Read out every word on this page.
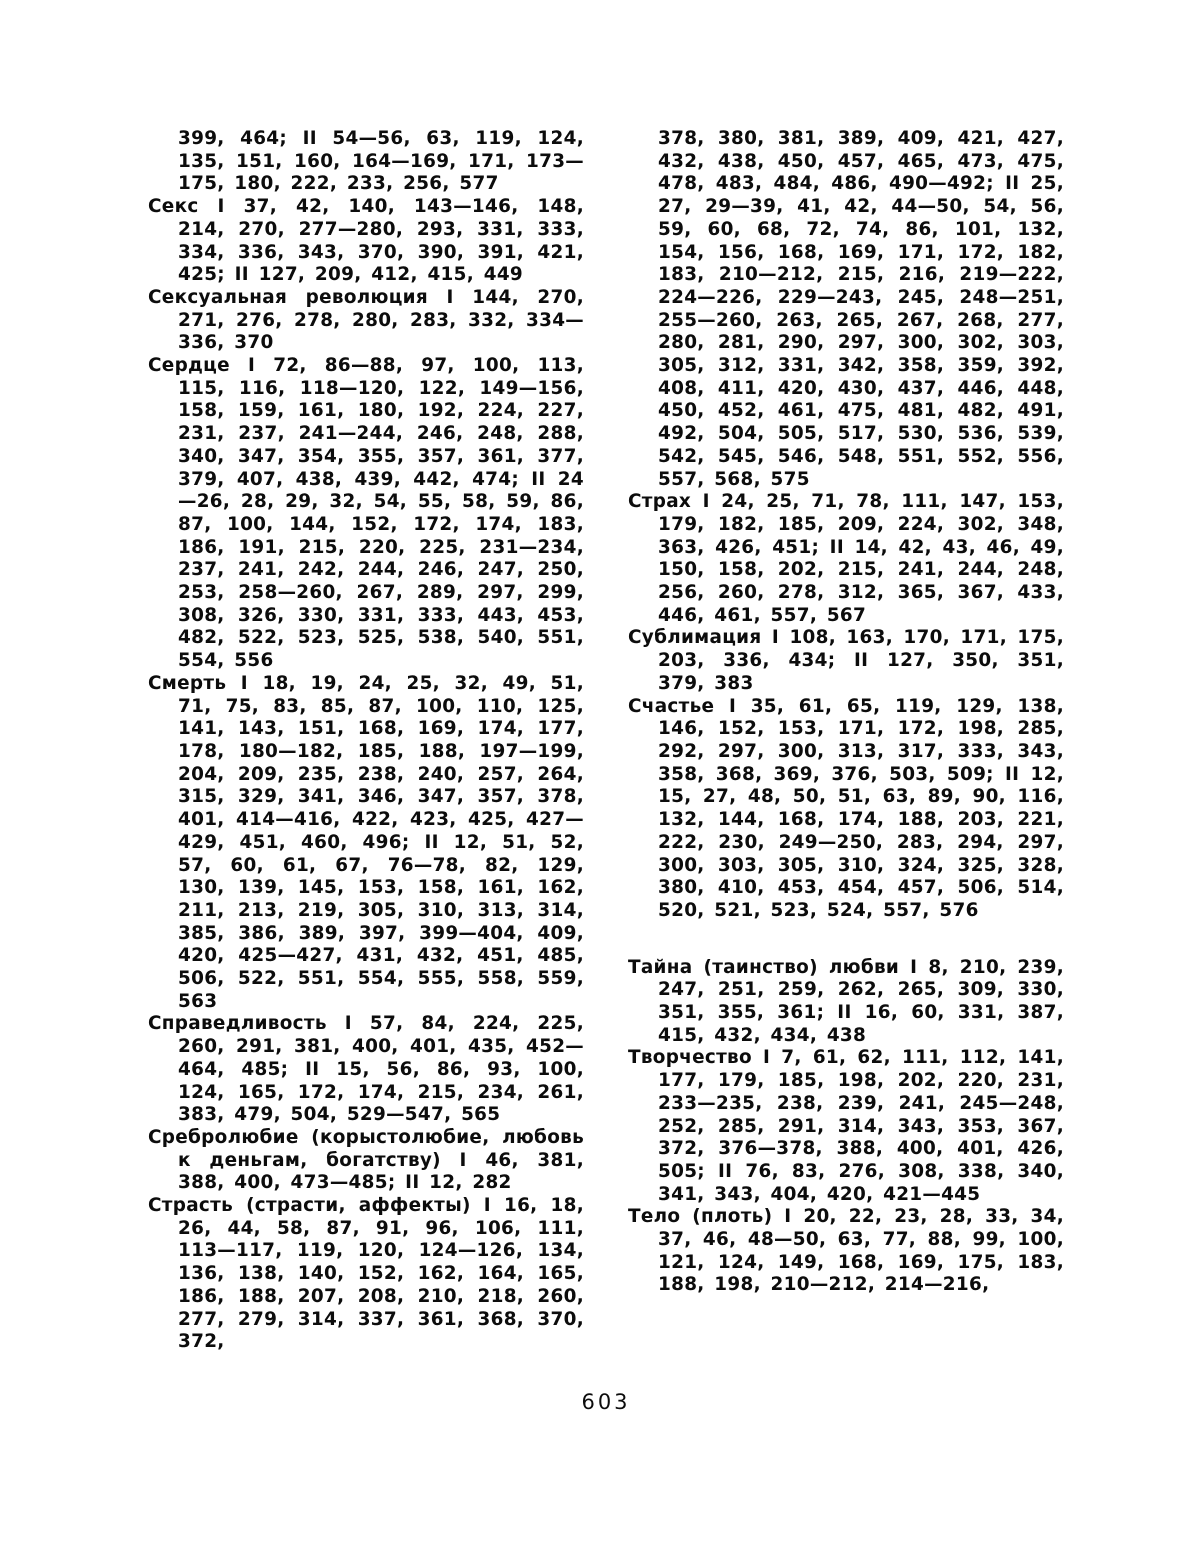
399, 464; II 54—56, 63, 119, 124, 135, 151, 160, 164—169, 171, 173—175, 180, 222, 233, 256, 577

Секс I 37, 42, 140, 143—146, 148, 214, 270, 277—280, 293, 331, 333, 334, 336, 343, 370, 390, 391, 421, 425; II 127, 209, 412, 415, 449

Сексуальная революция I 144, 270, 271, 276, 278, 280, 283, 332, 334—336, 370

Сердце I 72, 86—88, 97, 100, 113, 115, 116, 118—120, 122, 149—156, 158, 159, 161, 180, 192, 224, 227, 231, 237, 241—244, 246, 248, 288, 340, 347, 354, 355, 357, 361, 377, 379, 407, 438, 439, 442, 474; II 24—26, 28, 29, 32, 54, 55, 58, 59, 86, 87, 100, 144, 152, 172, 174, 183, 186, 191, 215, 220, 225, 231—234, 237, 241, 242, 244, 246, 247, 250, 253, 258—260, 267, 289, 297, 299, 308, 326, 330, 331, 333, 443, 453, 482, 522, 523, 525, 538, 540, 551, 554, 556

Смерть I 18, 19, 24, 25, 32, 49, 51, 71, 75, 83, 85, 87, 100, 110, 125, 141, 143, 151, 168, 169, 174, 177, 178, 180—182, 185, 188, 197—199, 204, 209, 235, 238, 240, 257, 264, 315, 329, 341, 346, 347, 357, 378, 401, 414—416, 422, 423, 425, 427—429, 451, 460, 496; II 12, 51, 52, 57, 60, 61, 67, 76—78, 82, 129, 130, 139, 145, 153, 158, 161, 162, 211, 213, 219, 305, 310, 313, 314, 385, 386, 389, 397, 399—404, 409, 420, 425—427, 431, 432, 451, 485, 506, 522, 551, 554, 555, 558, 559, 563

Справедливость I 57, 84, 224, 225, 260, 291, 381, 400, 401, 435, 452—464, 485; II 15, 56, 86, 93, 100, 124, 165, 172, 174, 215, 234, 261, 383, 479, 504, 529—547, 565

Сребролюбие (корыстолюбие, любовь к деньгам, богатству) I 46, 381, 388, 400, 473—485; II 12, 282

Страсть (страсти, аффекты) I 16, 18, 26, 44, 58, 87, 91, 96, 106, 111, 113—117, 119, 120, 124—126, 134, 136, 138, 140, 152, 162, 164, 165, 186, 188, 207, 208, 210, 218, 260, 277, 279, 314, 337, 361, 368, 370, 372,

378, 380, 381, 389, 409, 421, 427, 432, 438, 450, 457, 465, 473, 475, 478, 483, 484, 486, 490—492; II 25, 27, 29—39, 41, 42, 44—50, 54, 56, 59, 60, 68, 72, 74, 86, 101, 132, 154, 156, 168, 169, 171, 172, 182, 183, 210—212, 215, 216, 219—222, 224—226, 229—243, 245, 248—251, 255—260, 263, 265, 267, 268, 277, 280, 281, 290, 297, 300, 302, 303, 305, 312, 331, 342, 358, 359, 392, 408, 411, 420, 430, 437, 446, 448, 450, 452, 461, 475, 481, 482, 491, 492, 504, 505, 517, 530, 536, 539, 542, 545, 546, 548, 551, 552, 556, 557, 568, 575

Страх I 24, 25, 71, 78, 111, 147, 153, 179, 182, 185, 209, 224, 302, 348, 363, 426, 451; II 14, 42, 43, 46, 49, 150, 158, 202, 215, 241, 244, 248, 256, 260, 278, 312, 365, 367, 433, 446, 461, 557, 567

Сублимация I 108, 163, 170, 171, 175, 203, 336, 434; II 127, 350, 351, 379, 383

Счастье I 35, 61, 65, 119, 129, 138, 146, 152, 153, 171, 172, 198, 285, 292, 297, 300, 313, 317, 333, 343, 358, 368, 369, 376, 503, 509; II 12, 15, 27, 48, 50, 51, 63, 89, 90, 116, 132, 144, 168, 174, 188, 203, 221, 222, 230, 249—250, 283, 294, 297, 300, 303, 305, 310, 324, 325, 328, 380, 410, 453, 454, 457, 506, 514, 520, 521, 523, 524, 557, 576

Тайна (таинство) любви I 8, 210, 239, 247, 251, 259, 262, 265, 309, 330, 351, 355, 361; II 16, 60, 331, 387, 415, 432, 434, 438

Творчество I 7, 61, 62, 111, 112, 141, 177, 179, 185, 198, 202, 220, 231, 233—235, 238, 239, 241, 245—248, 252, 285, 291, 314, 343, 353, 367, 372, 376—378, 388, 400, 401, 426, 505; II 76, 83, 276, 308, 338, 340, 341, 343, 404, 420, 421—445

Тело (плоть) I 20, 22, 23, 28, 33, 34, 37, 46, 48—50, 63, 77, 88, 99, 100, 121, 124, 149, 168, 169, 175, 183, 188, 198, 210—212, 214—216,

603
